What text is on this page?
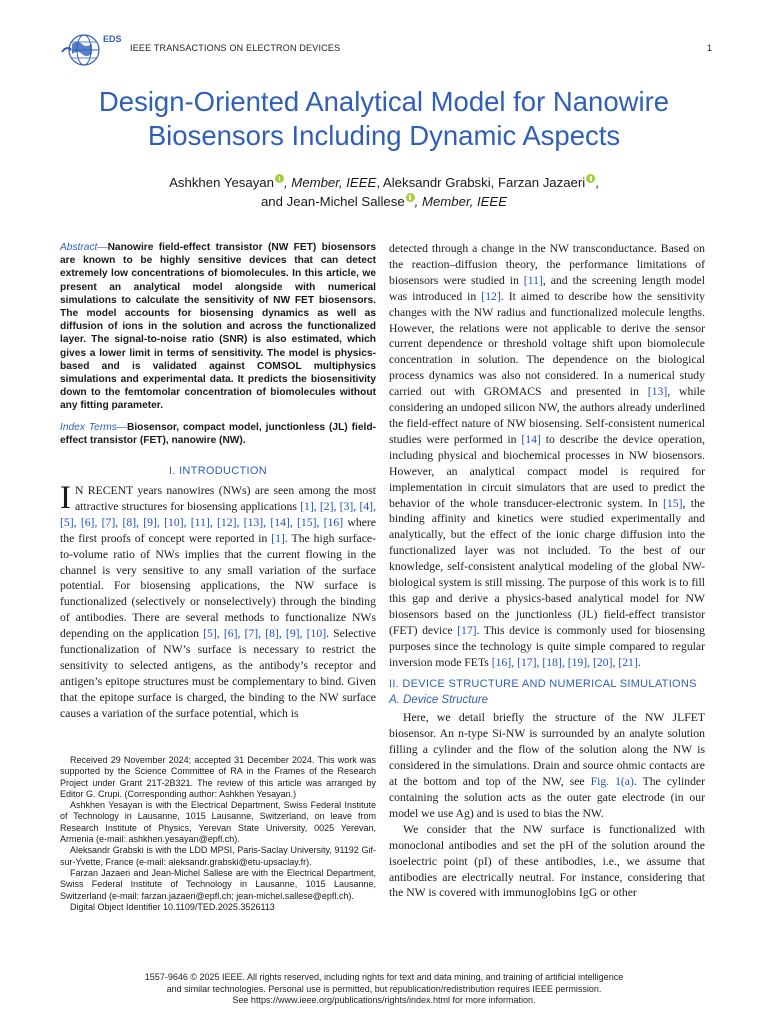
EDS
IEEE TRANSACTIONS ON ELECTRON DEVICES	1
Design-Oriented Analytical Model for Nanowire
Biosensors Including Dynamic Aspects
Ashkhen Yesayan , Member, IEEE, Aleksandr Grabski, Farzan Jazaeri ,
and Jean-Michel Sallese , Member, IEEE

Abstract—Nanowire field-effect transistor (NW FET) biosensors are known to be highly sensitive devices that can detect extremely low concentrations of biomolecules. In this article, we present an analytical model alongside with numerical simulations to calculate the sensitivity of NW FET biosensors. The model accounts for biosensing dynamics as well as diffusion of ions in the solution and across the functionalized layer. The signal-to-noise ratio (SNR) is also estimated, which gives a lower limit in terms of sensitivity. The model is physics-based and is validated against COMSOL multiphysics simulations and experimental data. It predicts the biosensitivity down to the femtomolar concentration of biomolecules without any fitting parameter.

Index Terms—Biosensor, compact model, junctionless (JL) field-effect transistor (FET), nanowire (NW).

I. INTRODUCTION

I N RECENT years nanowires (NWs) are seen among the most attractive structures for biosensing applications [1], [2], [3], [4], [5], [6], [7], [8], [9], [10], [11], [12], [13], [14], [15], [16] where the first proofs of concept were reported in [1]. The high surface-to-volume ratio of NWs implies that the current flowing in the channel is very sensitive to any small variation of the surface potential. For biosensing applications, the NW surface is functionalized (selectively or nonselectively) through the binding of antibodies. There are several methods to functionalize NWs depending on the application [5], [6], [7], [8], [9], [10]. Selective functionalization of NW’s surface is necessary to restrict the sensitivity to selected antigens, as the antibody’s receptor and antigen’s epitope structures must be complementary to bind. Given that the epitope surface is charged, the binding to the NW surface causes a variation of the surface potential, which is

Received 29 November 2024; accepted 31 December 2024. This work was supported by the Science Committee of RA in the Frames of the Research Project under Grant 21T-2B321. The review of this article was arranged by Editor G. Crupi. (Corresponding author: Ashkhen Yesayan.)

Ashkhen Yesayan is with the Electrical Department, Swiss Federal Institute of Technology in Lausanne, 1015 Lausanne, Switzerland, on leave from Research Institute of Physics, Yerevan State University, 0025 Yerevan, Armenia (e-mail: ashkhen.yesayan@epfl.ch).

Aleksandr Grabski is with the LDD MPSI, Paris-Saclay University, 91192 Gif-sur-Yvette, France (e-mail: aleksandr.grabski@etu-upsaclay.fr).

Farzan Jazaeri and Jean-Michel Sallese are with the Electrical Department, Swiss Federal Institute of Technology in Lausanne, 1015 Lausanne, Switzerland (e-mail: farzan.jazaeri@epfl.ch; jean-michel.sallese@epfl.ch).

Digital Object Identifier 10.1109/TED.2025.3526113

detected through a change in the NW transconductance. Based on the reaction–diffusion theory, the performance limitations of biosensors were studied in [11], and the screening length model was introduced in [12]. It aimed to describe how the sensitivity changes with the NW radius and functionalized molecule lengths. However, the relations were not applicable to derive the sensor current dependence or threshold voltage shift upon biomolecule concentration in solution. The dependence on the biological process dynamics was also not considered. In a numerical study carried out with GROMACS and presented in [13], while considering an undoped silicon NW, the authors already underlined the field-effect nature of NW biosensing. Self-consistent numerical studies were performed in [14] to describe the device operation, including physical and biochemical processes in NW biosensors. However, an analytical compact model is required for implementation in circuit simulators that are used to predict the behavior of the whole transducer-electronic system. In [15], the binding affinity and kinetics were studied experimentally and analytically, but the effect of the ionic charge diffusion into the functionalized layer was not included. To the best of our knowledge, self-consistent analytical modeling of the global NW-biological system is still missing. The purpose of this work is to fill this gap and derive a physics-based analytical model for NW biosensors based on the junctionless (JL) field-effect transistor (FET) device [17]. This device is commonly used for biosensing purposes since the technology is quite simple compared to regular inversion mode FETs [16], [17], [18], [19], [20], [21].

II. DEVICE STRUCTURE AND NUMERICAL SIMULATIONS
A. Device Structure

Here, we detail briefly the structure of the NW JLFET biosensor. An n-type Si-NW is surrounded by an analyte solution filling a cylinder and the flow of the solution along the NW is considered in the simulations. Drain and source ohmic contacts are at the bottom and top of the NW, see Fig. 1(a). The cylinder containing the solution acts as the outer gate electrode (in our model we use Ag) and is used to bias the NW.

We consider that the NW surface is functionalized with monoclonal antibodies and set the pH of the solution around the isoelectric point (pI) of these antibodies, i.e., we assume that antibodies are electrically neutral. For instance, considering that the NW is covered with immunoglobins IgG or other

1557-9646 © 2025 IEEE. All rights reserved, including rights for text and data mining, and training of artificial intelligence
and similar technologies. Personal use is permitted, but republication/redistribution requires IEEE permission.
See https://www.ieee.org/publications/rights/index.html for more information.
